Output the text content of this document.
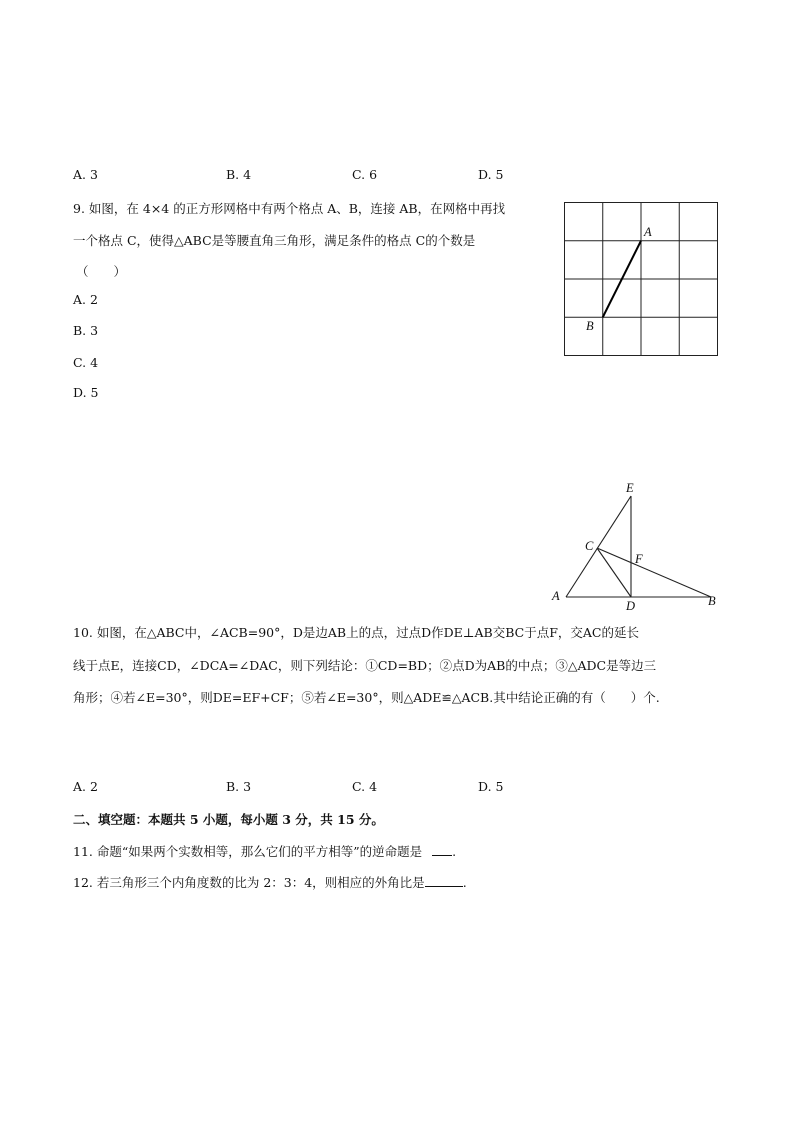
A. 3	B. 4	C. 6	D. 5
9. 如图，在 4×4 的正方形网格中有两个格点 A、B，连接 AB，在网格中再找
一个格点 C，使得△ABC是等腰直角三角形，满足条件的格点 C的个数是
（　　）
A. 2
B. 3
C. 4
D. 5
A
B
E
C
F
A
D	B
10. 如图，在△ABC中，∠ACB=90°，D是边AB上的点，过点D作DE⊥AB交BC于点F，交AC的延长
线于点E，连接CD，∠DCA=∠DAC，则下列结论：①CD=BD；②点D为AB的中点；③△ADC是等边三
角形；④若∠E=30°，则DE=EF+CF；⑤若∠E=30°，则△ADE≌△ACB.其中结论正确的有（　　）个.
A. 2	B. 3	C. 4	D. 5
二、填空题：本题共 5 小题，每小题 3 分，共 15 分。
11. 命题“如果两个实数相等，那么它们的平方相等”的逆命题是 .
12. 若三角形三个内角度数的比为 2：3：4，则相应的外角比是	.
